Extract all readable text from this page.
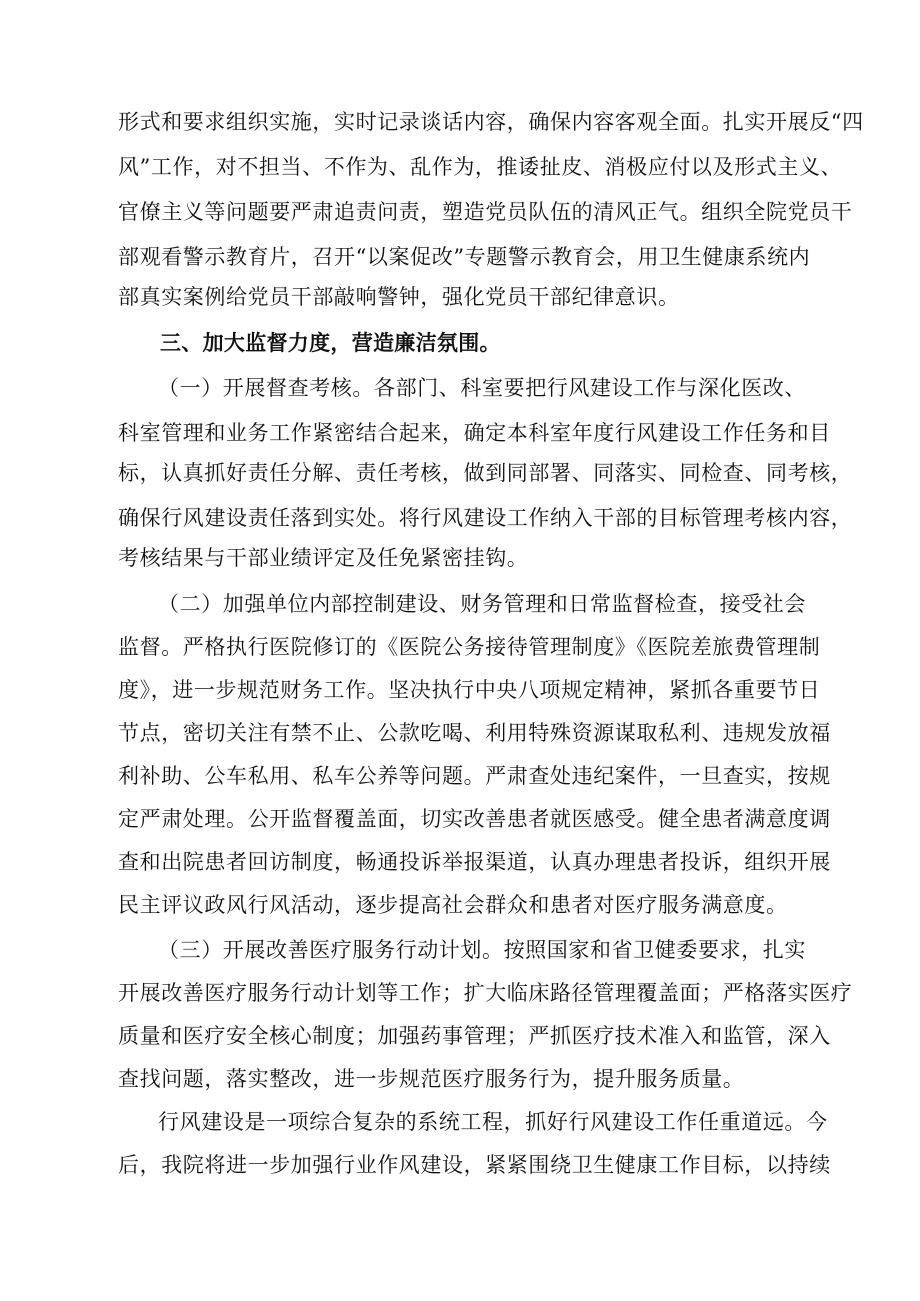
形式和要求组织实施，实时记录谈话内容，确保内容客观全面。扎实开展反“四
风”工作，对不担当、不作为、乱作为，推诿扯皮、消极应付以及形式主义、
官僚主义等问题要严肃追责问责，塑造党员队伍的清风正气。组织全院党员干
部观看警示教育片，召开“以案促改”专题警示教育会，用卫生健康系统内
部真实案例给党员干部敲响警钟，强化党员干部纪律意识。
三、加大监督力度，营造廉洁氛围。
（一）开展督查考核。各部门、科室要把行风建设工作与深化医改、
科室管理和业务工作紧密结合起来，确定本科室年度行风建设工作任务和目
标，认真抓好责任分解、责任考核，做到同部署、同落实、同检查、同考核，
确保行风建设责任落到实处。将行风建设工作纳入干部的目标管理考核内容，
考核结果与干部业绩评定及任免紧密挂钩。
（二）加强单位内部控制建设、财务管理和日常监督检查，接受社会
监督。严格执行医院修订的《医院公务接待管理制度》《医院差旅费管理制
度》，进一步规范财务工作。坚决执行中央八项规定精神，紧抓各重要节日
节点，密切关注有禁不止、公款吃喝、利用特殊资源谋取私利、违规发放福
利补助、公车私用、私车公养等问题。严肃查处违纪案件，一旦查实，按规
定严肃处理。公开监督覆盖面，切实改善患者就医感受。健全患者满意度调
查和出院患者回访制度，畅通投诉举报渠道，认真办理患者投诉，组织开展
民主评议政风行风活动，逐步提高社会群众和患者对医疗服务满意度。
（三）开展改善医疗服务行动计划。按照国家和省卫健委要求，扎实
开展改善医疗服务行动计划等工作；扩大临床路径管理覆盖面；严格落实医疗
质量和医疗安全核心制度；加强药事管理；严抓医疗技术准入和监管，深入
查找问题，落实整改，进一步规范医疗服务行为，提升服务质量。
行风建设是一项综合复杂的系统工程，抓好行风建设工作任重道远。今
后，我院将进一步加强行业作风建设，紧紧围绕卫生健康工作目标，以持续
